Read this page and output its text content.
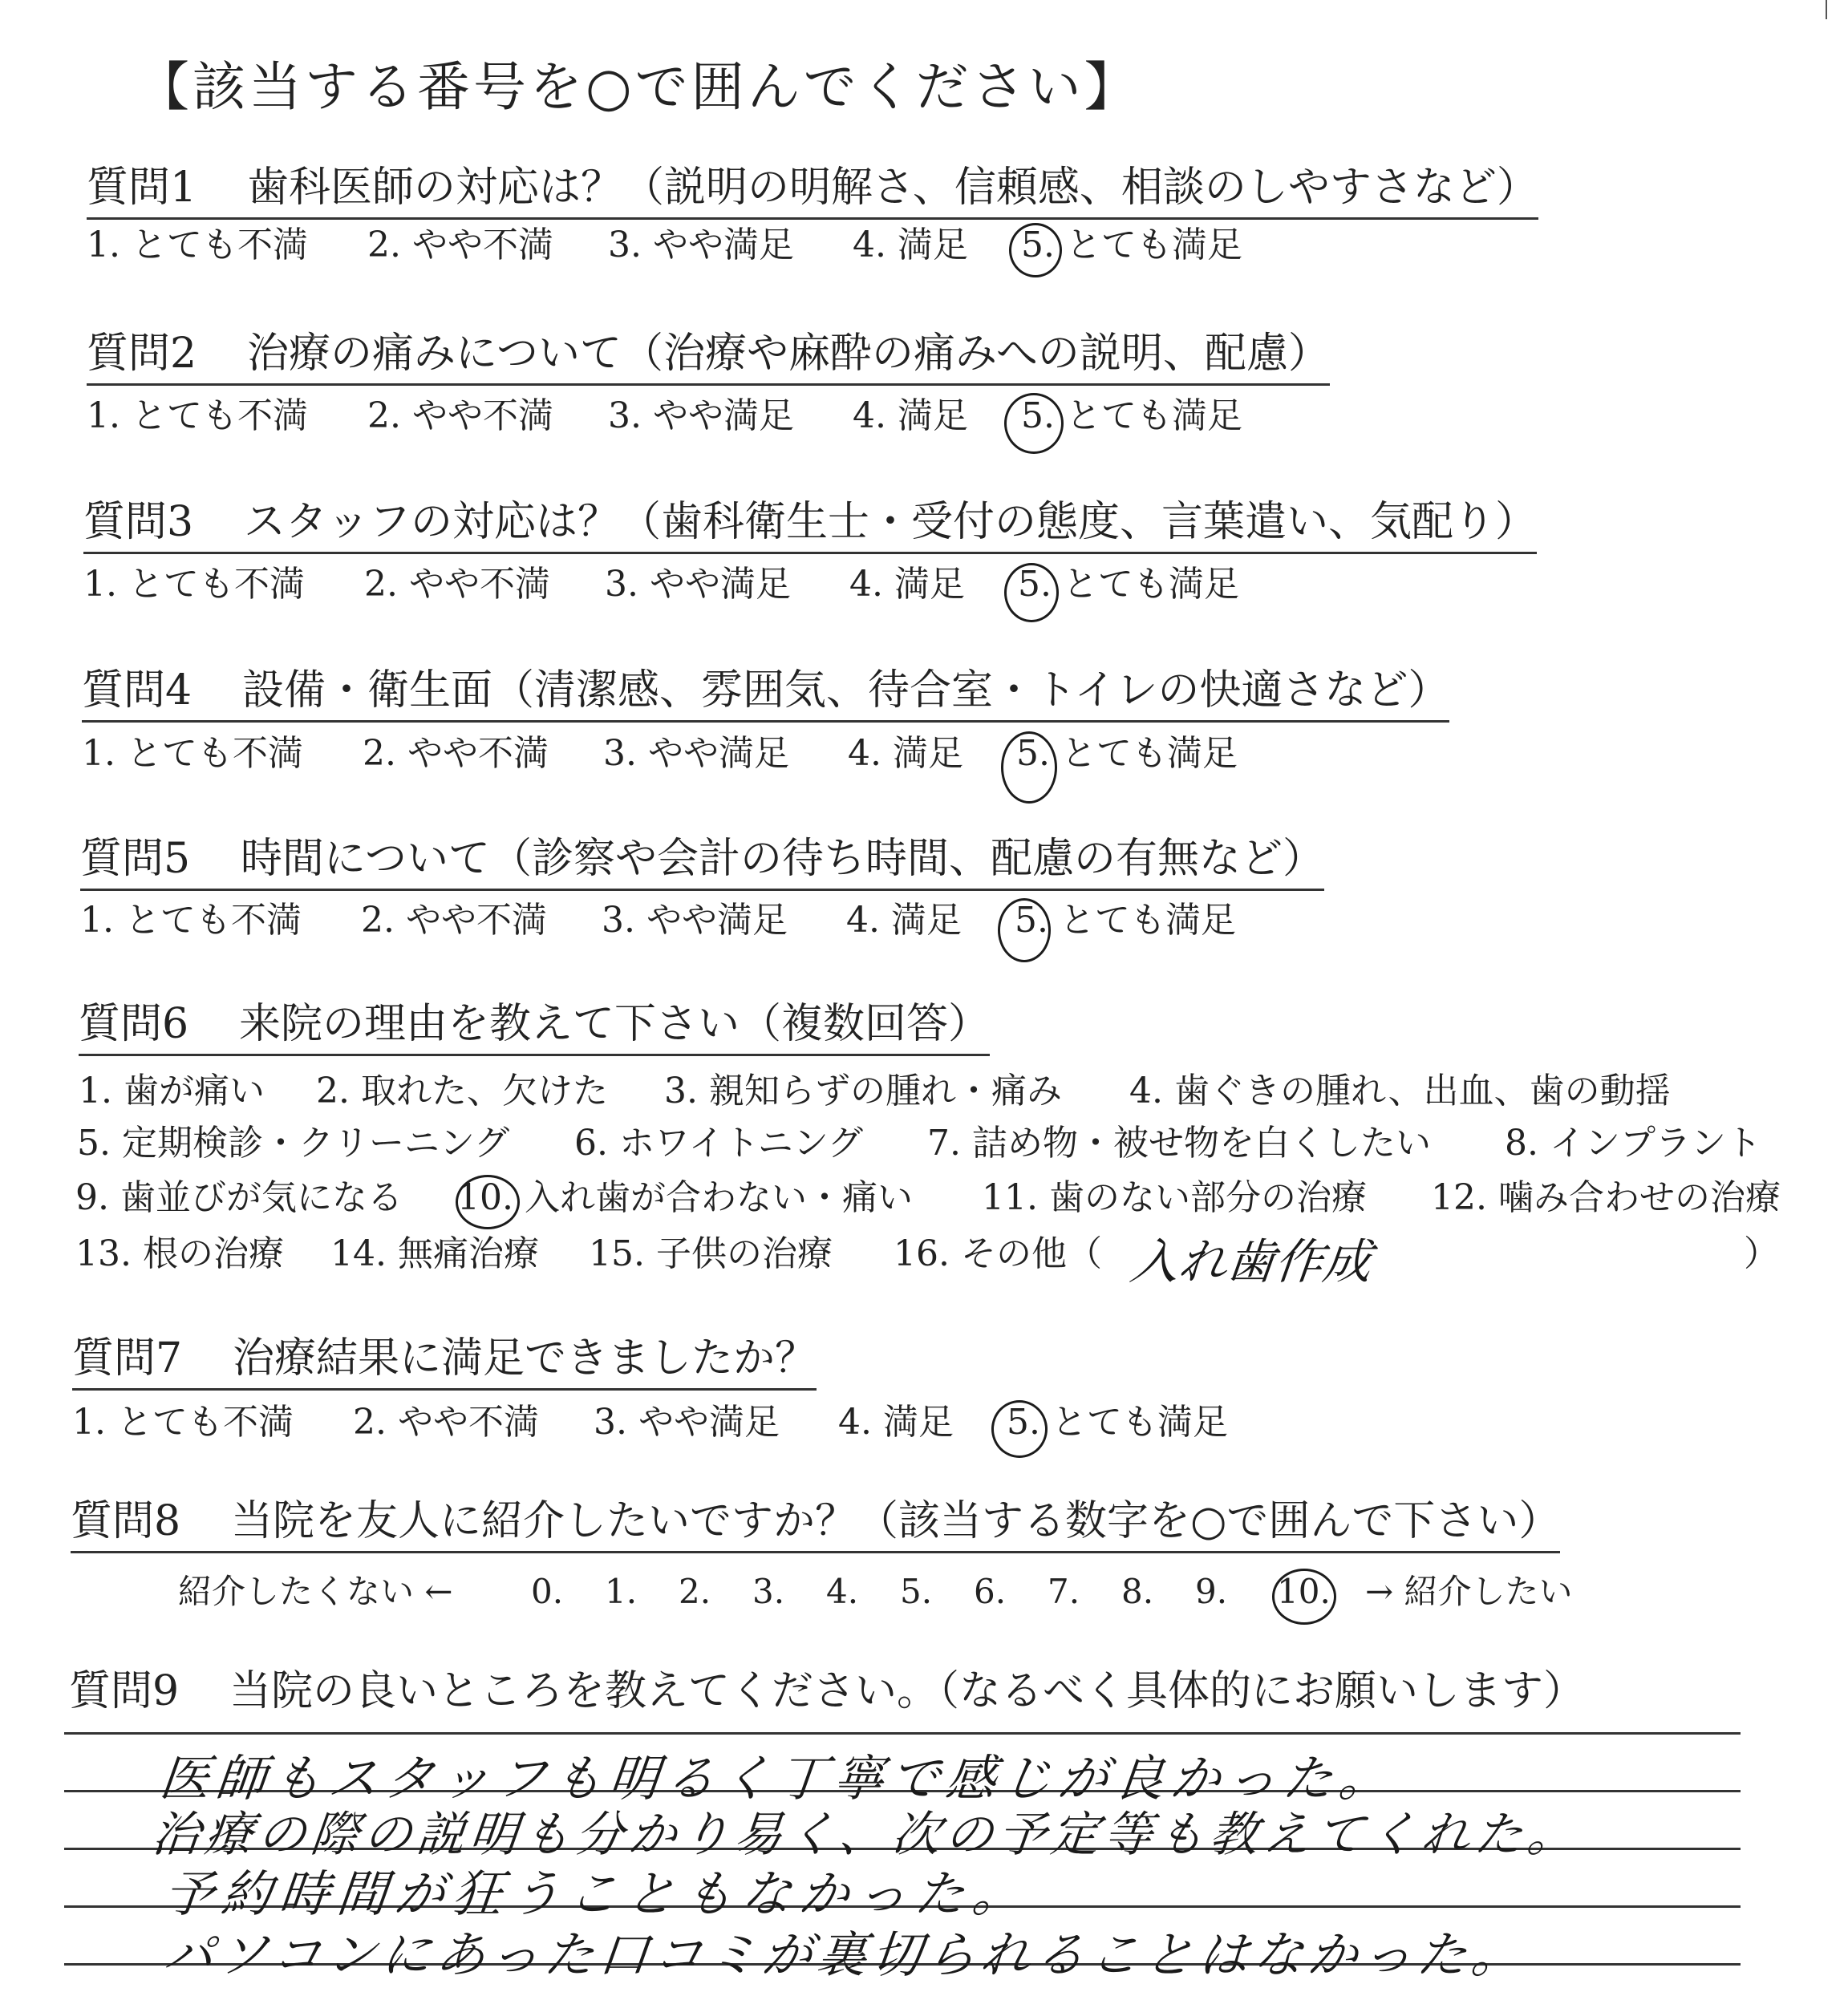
【該当する番号を○で囲んでください】
質問1 歯科医師の対応は？（説明の明解さ、信頼感、相談のしやすさなど）
1. とても不満 2. やや不満 3. やや満足 4. 満足 5. とても満足
質問2 治療の痛みについて（治療や麻酔の痛みへの説明、配慮）
1. とても不満 2. やや不満 3. やや満足 4. 満足 5. とても満足
質問3 スタッフの対応は？（歯科衛生士・受付の態度、言葉遣い、気配り）
1. とても不満 2. やや不満 3. やや満足 4. 満足 5. とても満足
質問4 設備・衛生面（清潔感、雰囲気、待合室・トイレの快適さなど）
1. とても不満 2. やや不満 3. やや満足 4. 満足 5. とても満足
質問5 時間について（診察や会計の待ち時間、配慮の有無など）
1. とても不満 2. やや不満 3. やや満足 4. 満足 5. とても満足
質問6 来院の理由を教えて下さい（複数回答）
1. 歯が痛い 2. 取れた、欠けた 3. 親知らずの腫れ・痛み 4. 歯ぐきの腫れ、出血、歯の動揺
5. 定期検診・クリーニング 6. ホワイトニング 7. 詰め物・被せ物を白くしたい 8. インプラント
9. 歯並びが気になる 10. 入れ歯が合わない・痛い 11. 歯のない部分の治療 12. 噛み合わせの治療
13. 根の治療 14. 無痛治療 15. 子供の治療 16. その他（	）
入れ歯作成
質問7 治療結果に満足できましたか？
1. とても不満 2. やや不満 3. やや満足 4. 満足 5. とても満足
質問8 当院を友人に紹介したいですか？（該当する数字を○で囲んで下さい）
紹介したくない ← 0. 1. 2. 3. 4. 5. 6. 7. 8. 9. 10. → 紹介したい
質問9 当院の良いところを教えてください。（なるべく具体的にお願いします）
医師もスタッフも明るく丁寧で感じが良かった。
治療の際の説明も分かり易く、次の予定等も教えてくれた。
予約時間が狂うこともなかった。
パソコンにあった口コミが裏切られることはなかった。
